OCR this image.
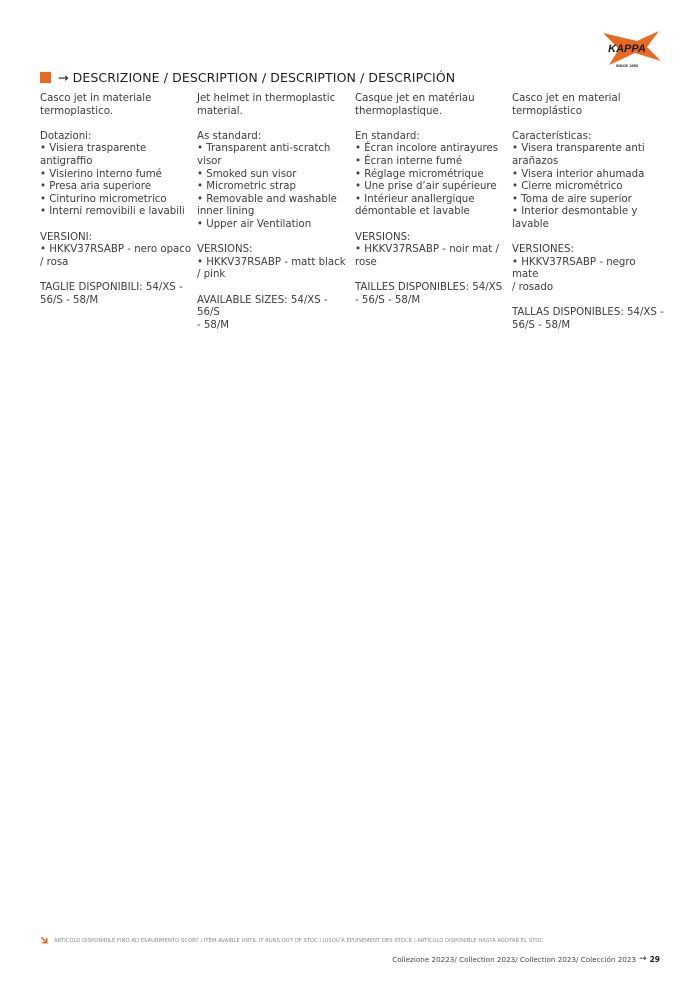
KAPPA
SINCE 1956
→ DESCRIZIONE / DESCRIPTION / DESCRIPTION / DESCRIPCIÓN

Casco jet in materiale
termoplastico.

Dotazioni:
• Visiera trasparente
antigraffio
• Visierino interno fumé
• Presa aria superiore
• Cinturino micrometrico
• Interni removibili e lavabili

VERSIONI:
• HKKV37RSABP - nero opaco
/ rosa

TAGLIE DISPONIBILI: 54/XS -
56/S - 58/M

Jet helmet in thermoplastic
material.

As standard:
• Transparent anti-scratch
visor
• Smoked sun visor
• Micrometric strap
• Removable and washable
inner lining
• Upper air Ventilation

VERSIONS:
• HKKV37RSABP - matt black
/ pink

AVAILABLE SIZES: 54/XS - 56/S
- 58/M

Casque jet en matériau
thermoplastique.

En standard:
• Écran incolore antirayures
• Écran interne fumé
• Réglage micrométrique
• Une prise d’air supérieure
• Intérieur anallergique
démontable et lavable

VERSIONS:
• HKKV37RSABP - noir mat /
rose

TAILLES DISPONIBLES: 54/XS
- 56/S - 58/M

Casco jet en material
termoplástico

Características:
• Visera transparente anti
arañazos
• Visera interior ahumada
• Cierre micrométrico
• Toma de aire superior
• Interior desmontable y
lavable

VERSIONES:
• HKKV37RSABP - negro mate
/ rosado

TALLAS DISPONIBLES: 54/XS -
56/S - 58/M

ARTICOLO DISPONIBILE FINO AD ESAURIMENTO SCORT / ITEM AVAIBLE UNTIL IT RUNS OUT OF STOC / JUSQU'À ÉPUISEMENT DES STOCK / ARTÍCULO DISPONIBLE HASTA AGOTAR EL STOC
Collezione 20223/ Collection 2023/ Collection 2023/ Colección 2023 → 29
